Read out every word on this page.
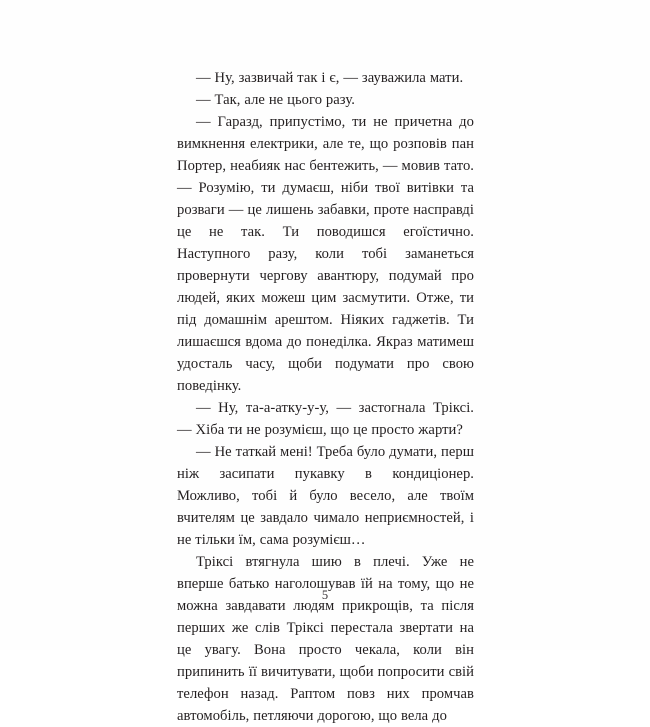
— Ну, зазвичай так і є, — зауважила мати.

— Так, але не цього разу.

— Гаразд, припустімо, ти не причетна до вимкнення електрики, але те, що розповів пан Портер, неабияк нас бентежить, — мовив тато. — Розумію, ти думаєш, ніби твої витівки та розваги — це лишень забавки, проте насправді це не так. Ти поводишся егоїстично. Наступного разу, коли тобі заманеться провернути чергову авантюру, подумай про людей, яких можеш цим засмутити. Отже, ти під домашнім арештом. Ніяких гаджетів. Ти лишаєшся вдома до понеділка. Якраз матимеш удосталь часу, щоби подумати про свою поведінку.

— Ну, та-а-атку-у-у, — застогнала Тріксі. — Хіба ти не розумієш, що це просто жарти?

— Не таткай мені! Треба було думати, перш ніж засипати пукавку в кондиціонер. Можливо, тобі й було весело, але твоїм вчителям це завдало чимало неприємностей, і не тільки їм, сама розумієш…

Тріксі втягнула шию в плечі. Уже не вперше батько наголошував їй на тому, що не можна завдавати людям прикрощів, та після перших же слів Тріксі перестала звертати на це увагу. Вона просто чекала, коли він припинить її вичитувати, щоби попросити свій телефон назад. Раптом повз них промчав автомобіль, петляючи дорогою, що вела до

5
